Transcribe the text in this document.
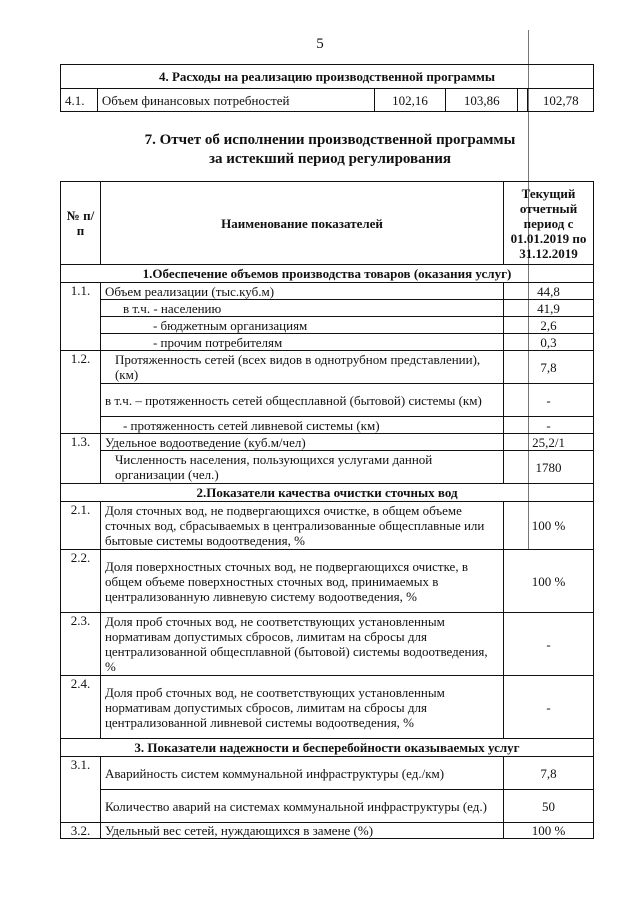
5
4. Расходы на реализацию производственной программы
4.1.	Объем финансовых потребностей	102,16	103,86		102,78
7. Отчет об исполнении производственной программы
за истекший период регулирования
№ п/п	Наименование показателей	Текущий отчетный период с 01.01.2019 по 31.12.2019
1.Обеспечение объемов производства товаров (оказания услуг)		
1.1.	Объем реализации (тыс.куб.м)	44,8
	в т.ч. - населению	41,9
	- бюджетным организациям	2,6
	- прочим потребителям	0,3
1.2.	Протяженность сетей (всех видов в однотрубном представлении), (км)	7,8
	в т.ч. – протяженность сетей общесплавной (бытовой) системы (км)	-
	- протяженность сетей ливневой системы (км)	-
1.3.	Удельное водоотведение (куб.м/чел)	25,2/1
	Численность населения, пользующихся услугами данной организации (чел.)	1780
2.Показатели качества очистки сточных вод		
2.1.	Доля сточных вод, не подвергающихся очистке, в общем объеме сточных вод, сбрасываемых в централизованные общесплавные или бытовые системы водоотведения, %	100 %
2.2.	Доля поверхностных сточных вод, не подвергающихся очистке, в общем объеме поверхностных сточных вод, принимаемых в централизованную ливневую систему водоотведения, %	100 %
2.3.	Доля проб сточных вод, не соответствующих установленным нормативам допустимых сбросов, лимитам на сбросы для централизованной общесплавной (бытовой) системы водоотведения, %	-
2.4.	Доля проб сточных вод, не соответствующих установленным нормативам допустимых сбросов, лимитам на сбросы для централизованной ливневой системы водоотведения, %	-
3. Показатели надежности и бесперебойности оказываемых услуг		
3.1.	Аварийность систем коммунальной инфраструктуры (ед./км)	7,8
	Количество аварий на системах коммунальной инфраструктуры (ед.)	50
3.2.	Удельный вес сетей, нуждающихся в замене (%)	100 %
